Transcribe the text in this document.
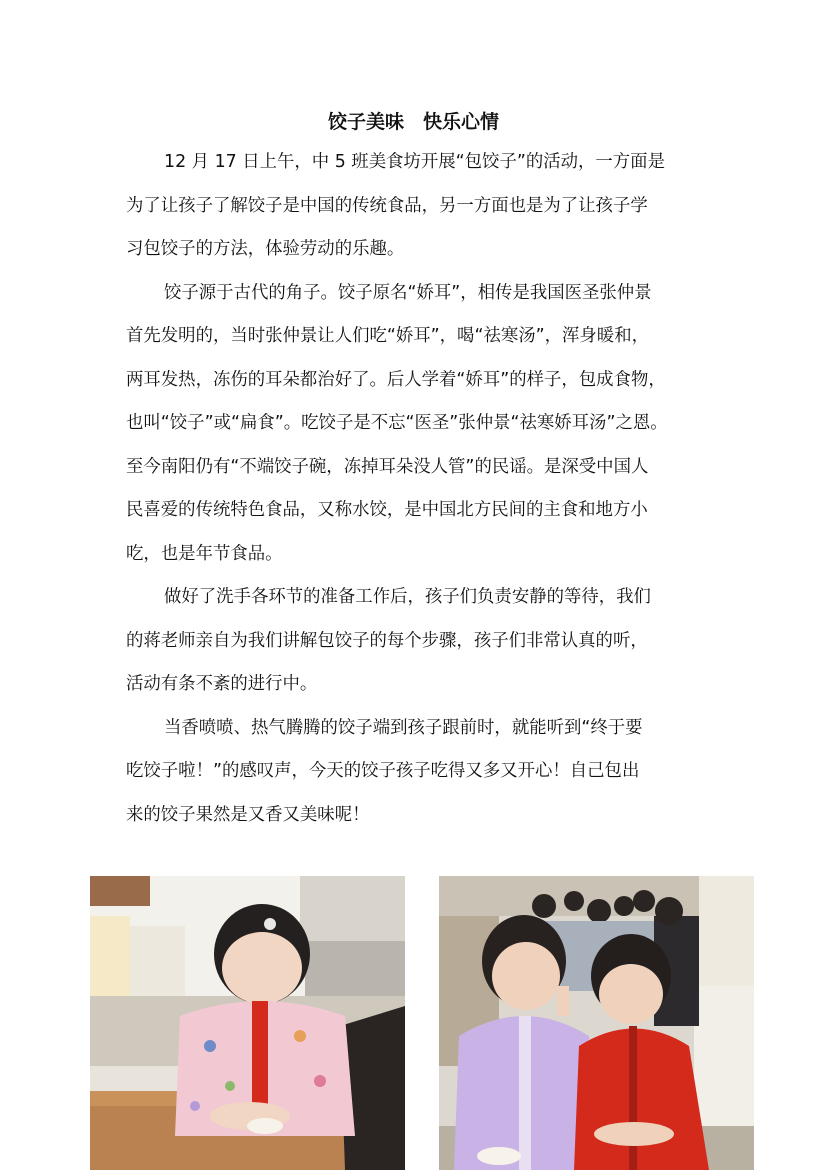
饺子美味　快乐心情

12 月 17 日上午，中 5 班美食坊开展“包饺子”的活动，一方面是

为了让孩子了解饺子是中国的传统食品，另一方面也是为了让孩子学

习包饺子的方法，体验劳动的乐趣。

饺子源于古代的角子。饺子原名“娇耳”，相传是我国医圣张仲景

首先发明的，当时张仲景让人们吃“娇耳”，喝“祛寒汤”，浑身暖和，

两耳发热，冻伤的耳朵都治好了。后人学着“娇耳”的样子，包成食物，

也叫“饺子”或“扁食”。吃饺子是不忘“医圣”张仲景“祛寒娇耳汤”之恩。

至今南阳仍有“不端饺子碗，冻掉耳朵没人管”的民谣。是深受中国人

民喜爱的传统特色食品，又称水饺，是中国北方民间的主食和地方小

吃，也是年节食品。

做好了洗手各环节的准备工作后，孩子们负责安静的等待，我们

的蒋老师亲自为我们讲解包饺子的每个步骤，孩子们非常认真的听，

活动有条不紊的进行中。

当香喷喷、热气腾腾的饺子端到孩子跟前时，就能听到“终于要

吃饺子啦！”的感叹声，今天的饺子孩子吃得又多又开心！自己包出

来的饺子果然是又香又美味呢！
